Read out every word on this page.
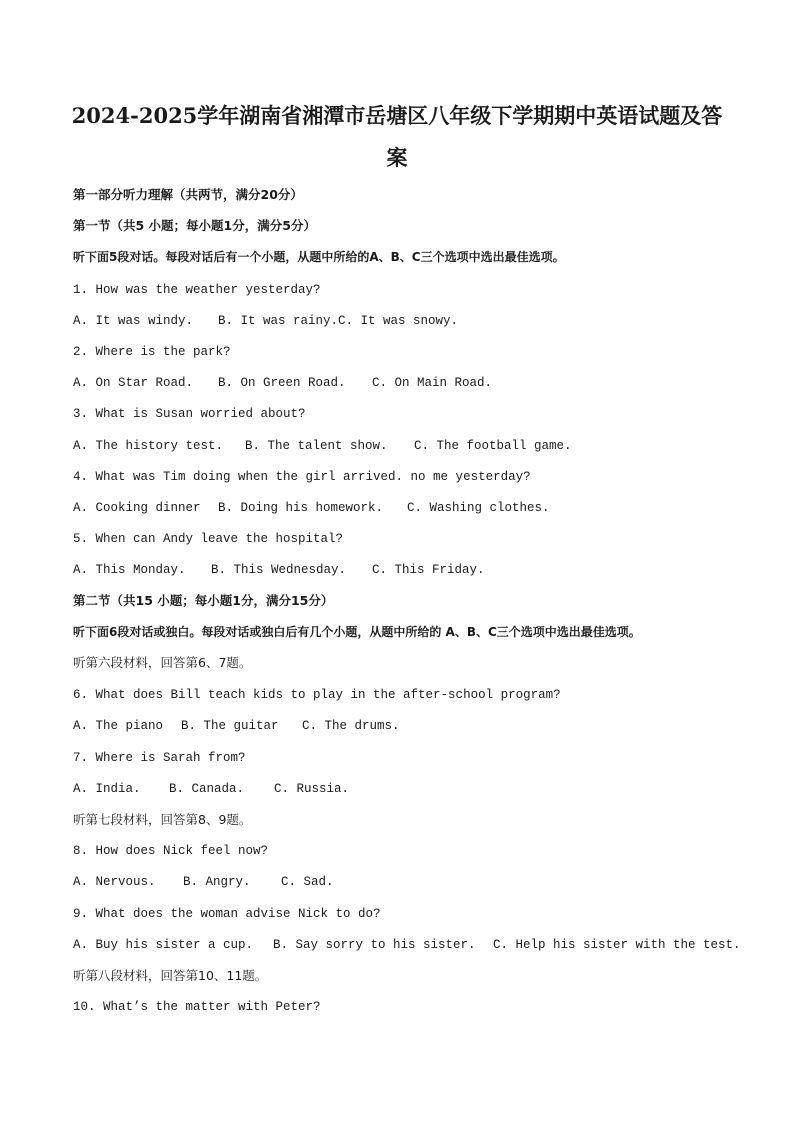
2024-2025学年湖南省湘潭市岳塘区八年级下学期期中英语试题及答
案
第一部分听力理解（共两节，满分20分）
第一节（共5 小题；每小题1分，满分5分）
听下面5段对话。每段对话后有一个小题，从题中所给的A、B、C三个选项中选出最佳选项。
1. How was the weather yesterday?
A. It was windy. B. It was rainy. C. It was snowy.
2. Where is the park?
A. On Star Road. B. On Green Road. C. On Main Road.
3. What is Susan worried about?
A. The history test. B. The talent show. C. The football game.
4. What was Tim doing when the girl arrived. no me yesterday?
A. Cooking dinner B. Doing his homework. C. Washing clothes.
5. When can Andy leave the hospital?
A. This Monday. B. This Wednesday. C. This Friday.
第二节（共15 小题；每小题1分，满分15分）
听下面6段对话或独白。每段对话或独白后有几个小题，从题中所给的 A、B、C三个选项中选出最佳选项。
听第六段材料，回答第6、7题。
6. What does Bill teach kids to play in the after-school program?
A. The piano B. The guitar C. The drums.
7. Where is Sarah from?
A. India. B. Canada. C. Russia.
听第七段材料，回答第8、9题。
8. How does Nick feel now?
A. Nervous. B. Angry. C. Sad.
9. What does the woman advise Nick to do?
A. Buy his sister a cup. B. Say sorry to his sister. C. Help his sister with the test.
听第八段材料，回答第10、11题。
10. What’s the matter with Peter?
